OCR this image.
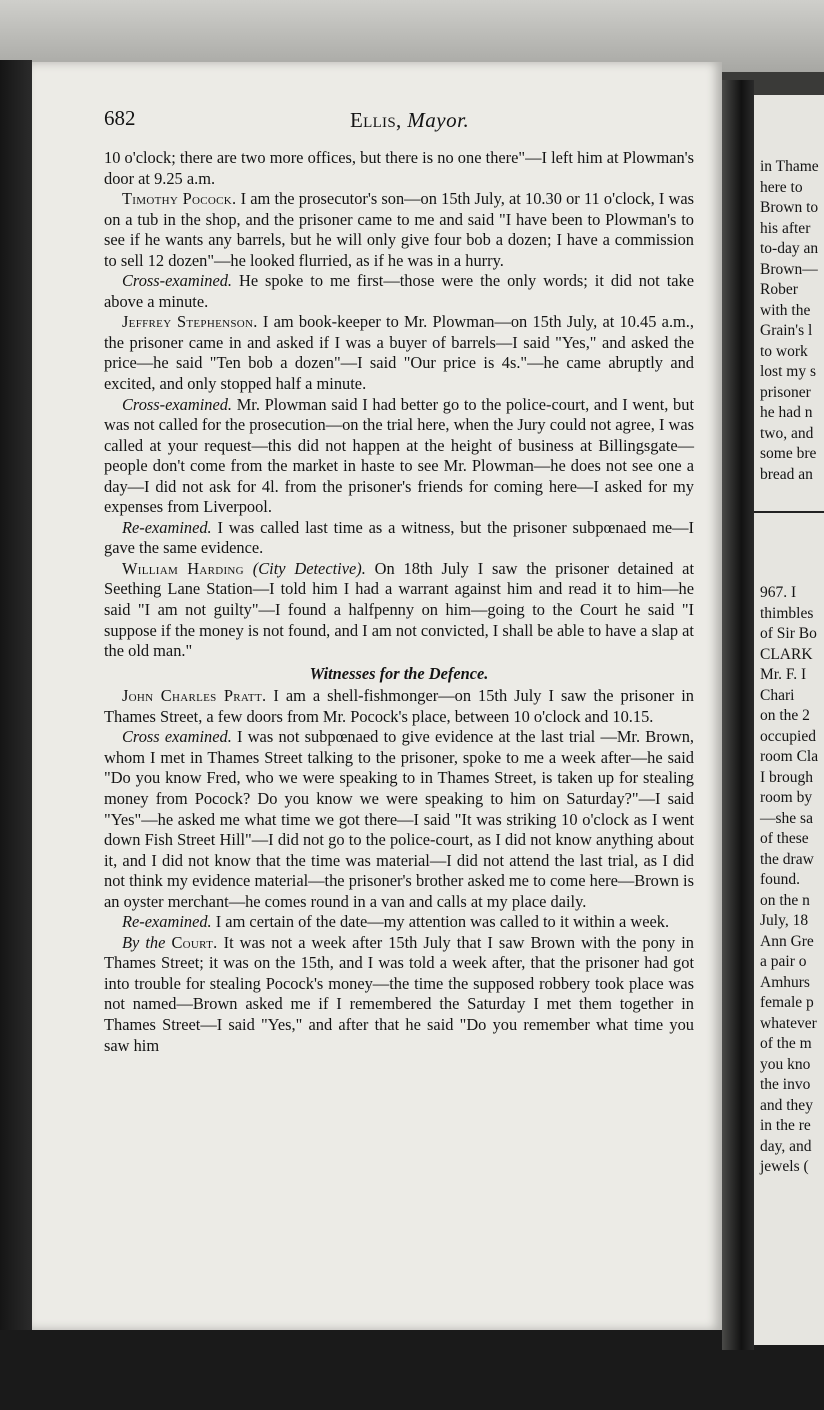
682	Ellis, Mayor.

10 o'clock; there are two more offices, but there is no one there"—I left him at Plowman's door at 9.25 a.m.

Timothy Pocock. I am the prosecutor's son—on 15th July, at 10.30 or 11 o'clock, I was on a tub in the shop, and the prisoner came to me and said "I have been to Plowman's to see if he wants any barrels, but he will only give four bob a dozen; I have a commission to sell 12 dozen"—he looked flurried, as if he was in a hurry.

Cross-examined. He spoke to me first—those were the only words; it did not take above a minute.

Jeffrey Stephenson. I am book-keeper to Mr. Plowman—on 15th July, at 10.45 a.m., the prisoner came in and asked if I was a buyer of barrels—I said "Yes," and asked the price—he said "Ten bob a dozen"—I said "Our price is 4s."—he came abruptly and excited, and only stopped half a minute.

Cross-examined. Mr. Plowman said I had better go to the police-court, and I went, but was not called for the prosecution—on the trial here, when the Jury could not agree, I was called at your request—this did not happen at the height of business at Billingsgate—people don't come from the market in haste to see Mr. Plowman—he does not see one a day—I did not ask for 4l. from the prisoner's friends for coming here—I asked for my expenses from Liverpool.

Re-examined. I was called last time as a witness, but the prisoner subpœnaed me—I gave the same evidence.

William Harding (City Detective). On 18th July I saw the prisoner detained at Seething Lane Station—I told him I had a warrant against him and read it to him—he said "I am not guilty"—I found a halfpenny on him—going to the Court he said "I suppose if the money is not found, and I am not convicted, I shall be able to have a slap at the old man."

Witnesses for the Defence.

John Charles Pratt. I am a shell-fishmonger—on 15th July I saw the prisoner in Thames Street, a few doors from Mr. Pocock's place, between 10 o'clock and 10.15.

Cross examined. I was not subpœnaed to give evidence at the last trial —Mr. Brown, whom I met in Thames Street talking to the prisoner, spoke to me a week after—he said "Do you know Fred, who we were speaking to in Thames Street, is taken up for stealing money from Pocock? Do you know we were speaking to him on Saturday?"—I said "Yes"—he asked me what time we got there—I said "It was striking 10 o'clock as I went down Fish Street Hill"—I did not go to the police-court, as I did not know anything about it, and I did not know that the time was material—I did not attend the last trial, as I did not think my evidence material—the prisoner's brother asked me to come here—Brown is an oyster merchant—he comes round in a van and calls at my place daily.

Re-examined. I am certain of the date—my attention was called to it within a week.

By the Court. It was not a week after 15th July that I saw Brown with the pony in Thames Street; it was on the 15th, and I was told a week after, that the prisoner had got into trouble for stealing Pocock's money—the time the supposed robbery took place was not named—Brown asked me if I remembered the Saturday I met them together in Thames Street—I said "Yes," and after that he said "Do you remember what time you saw him

in Thame
here to
Brown to
his after
to-day an
Brown—
Rober
with the
Grain's l
to work
lost my s
prisoner
he had n
two, and
some bre
bread an
967. I
thimbles
of Sir Bo
CLARK
Mr. F. I
Chari
on the 2
occupied
room Cla
I brough
room by
—she sa
of these
the draw
found.
on the n
July, 18
Ann Gre
a pair o
Amhurs
female p
whatever
of the m
you kno
the invo
and they
in the re
day, and
jewels (
